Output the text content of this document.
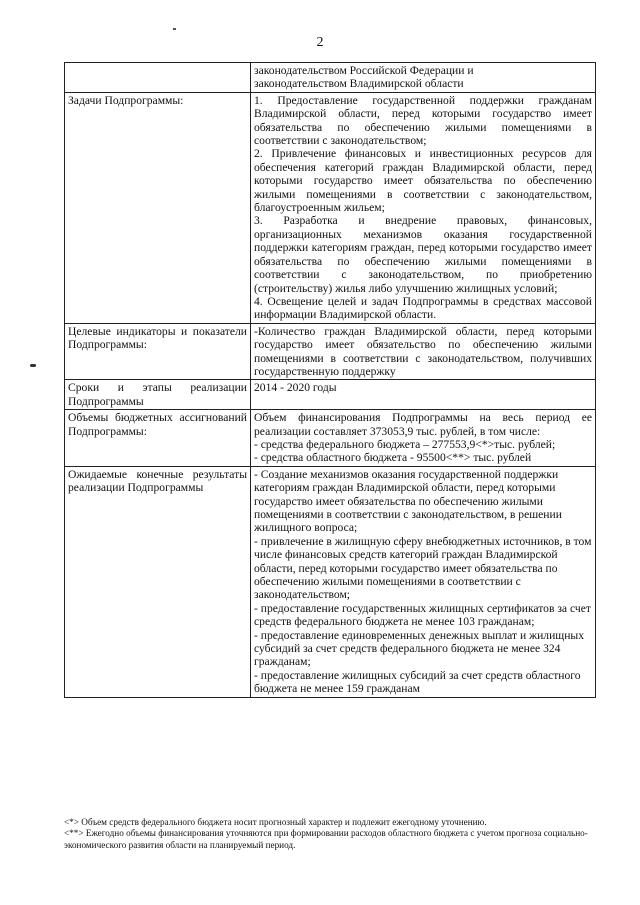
2

	законодательством Российской Федерации и
законодательством Владимирской области

Задачи Подпрограммы:	1. Предоставление государственной поддержки гражданам Владимирской области, перед которыми государство имеет обязательства по обеспечению жилыми помещениями в соответствии с законодательством;
2. Привлечение финансовых и инвестиционных ресурсов для обеспечения категорий граждан Владимирской области, перед которыми государство имеет обязательства по обеспечению жилыми помещениями в соответствии с законодательством, благоустроенным жильем;
3. Разработка и внедрение правовых, финансовых, организационных механизмов оказания государственной поддержки категориям граждан, перед которыми государство имеет обязательства по обеспечению жилыми помещениями в соответствии с законодательством, по приобретению (строительству) жилья либо улучшению жилищных условий;
4. Освещение целей и задач Подпрограммы в средствах массовой информации Владимирской области.

Целевые индикаторы и показатели Подпрограммы:	-Количество граждан Владимирской области, перед которыми государство имеет обязательство по обеспечению жилыми помещениями в соответствии с законодательством, получивших государственную поддержку

Сроки и этапы реализации Подпрограммы	2014 - 2020 годы

Объемы бюджетных ассигнований Подпрограммы:	Объем финансирования Подпрограммы на весь период ее реализации составляет 373053,9 тыс. рублей, в том числе:
- средства федерального бюджета – 277553,9<*>тыс. рублей;
- средства областного бюджета - 95500<**> тыс. рублей

Ожидаемые конечные результаты реализации Подпрограммы	- Создание механизмов оказания государственной поддержки категориям граждан Владимирской области, перед которыми государство имеет обязательства по обеспечению жилыми помещениями в соответствии с законодательством, в решении жилищного вопроса;
- привлечение в жилищную сферу внебюджетных источников, в том числе финансовых средств категорий граждан Владимирской области, перед которыми государство имеет обязательства по обеспечению жилыми помещениями в соответствии с законодательством;
- предоставление государственных жилищных сертификатов за счет средств федерального бюджета не менее 103 гражданам;
- предоставление единовременных денежных выплат и жилищных субсидий за счет средств федерального бюджета не менее 324 гражданам;
- предоставление жилищных субсидий за счет средств областного бюджета не менее 159 гражданам
<*> Объем средств федерального бюджета носит прогнозный характер и подлежит ежегодному уточнению.
<**> Ежегодно объемы финансирования уточняются при формировании расходов областного бюджета с учетом прогноза социально-экономического развития области на планируемый период.
